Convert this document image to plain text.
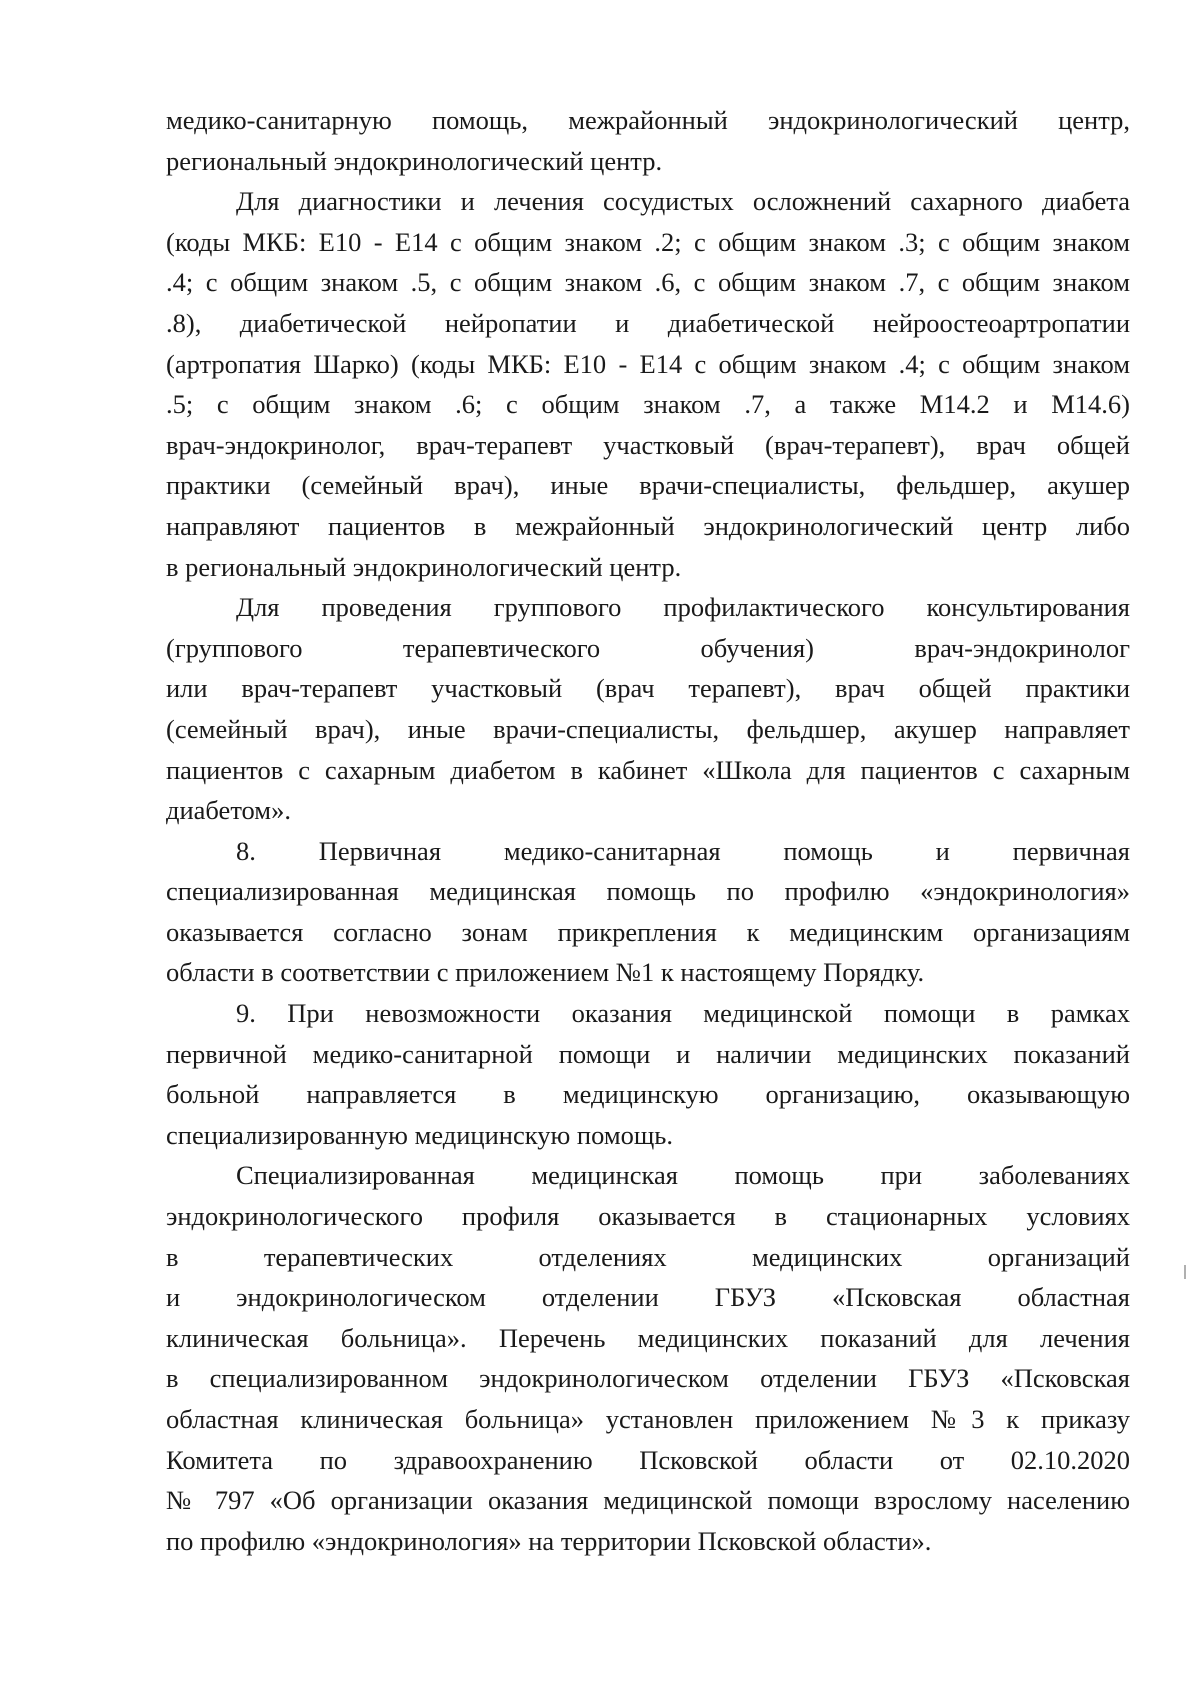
медико-санитарную помощь, межрайонный эндокринологический центр,
региональный эндокринологический центр.

Для диагностики и лечения сосудистых осложнений сахарного диабета
(коды МКБ: Е10 - Е14 с общим знаком .2; с общим знаком .3; с общим знаком
.4; с общим знаком .5, с общим знаком .6, с общим знаком .7, с общим знаком
.8), диабетической нейропатии и диабетической нейроостеоартропатии
(артропатия Шарко) (коды МКБ: Е10 - Е14 с общим знаком .4; с общим знаком
.5; с общим знаком .6; с общим знаком .7, а также М14.2 и М14.6)
врач-эндокринолог, врач-терапевт участковый (врач-терапевт), врач общей
практики (семейный врач), иные врачи-специалисты, фельдшер, акушер
направляют пациентов в межрайонный эндокринологический центр либо
в региональный эндокринологический центр.

Для проведения группового профилактического консультирования
(группового терапевтического обучения) врач-эндокринолог
или врач-терапевт участковый (врач терапевт), врач общей практики
(семейный врач), иные врачи-специалисты, фельдшер, акушер направляет
пациентов с сахарным диабетом в кабинет «Школа для пациентов с сахарным
диабетом».

8. Первичная медико-санитарная помощь и первичная
специализированная медицинская помощь по профилю «эндокринология»
оказывается согласно зонам прикрепления к медицинским организациям
области в соответствии с приложением №1 к настоящему Порядку.

9. При невозможности оказания медицинской помощи в рамках
первичной медико-санитарной помощи и наличии медицинских показаний
больной направляется в медицинскую организацию, оказывающую
специализированную медицинскую помощь.

Специализированная медицинская помощь при заболеваниях
эндокринологического профиля оказывается в стационарных условиях
в терапевтических отделениях медицинских организаций
и эндокринологическом отделении ГБУЗ «Псковская областная
клиническая больница». Перечень медицинских показаний для лечения
в специализированном эндокринологическом отделении ГБУЗ «Псковская
областная клиническая больница» установлен приложением №3 к приказу
Комитета по здравоохранению Псковской области от 02.10.2020
№ 797 «Об организации оказания медицинской помощи взрослому населению
по профилю «эндокринология» на территории Псковской области».
